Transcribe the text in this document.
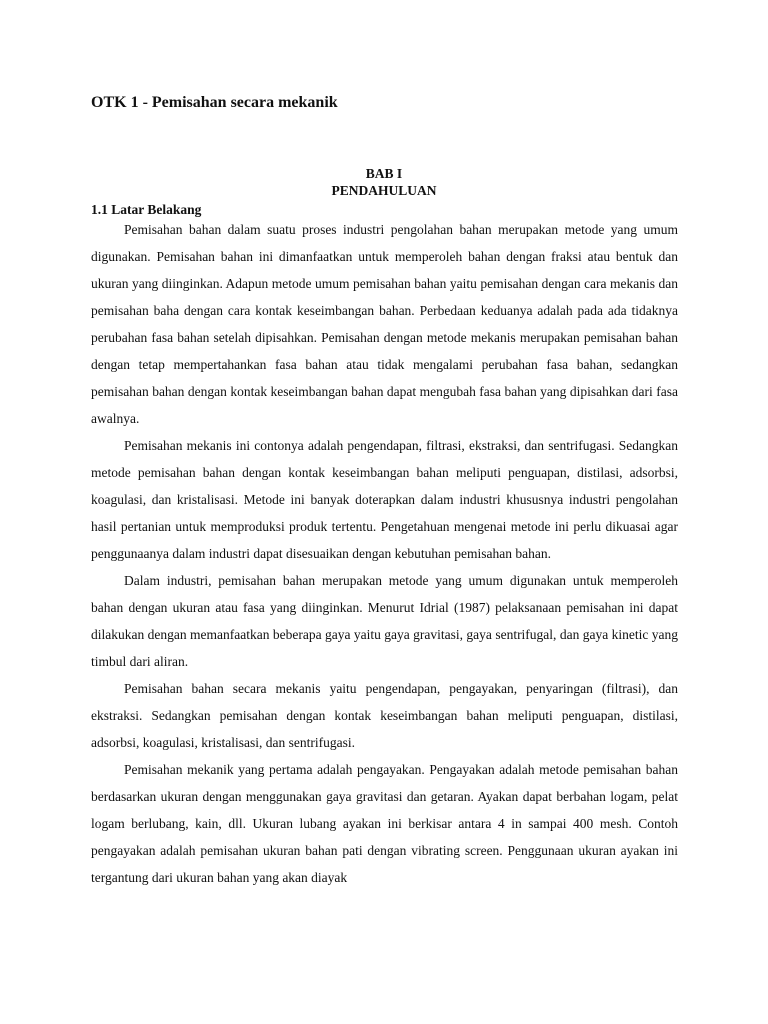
OTK 1 - Pemisahan secara mekanik

BAB I

PENDAHULUAN

1.1 Latar Belakang

Pemisahan bahan dalam suatu proses industri pengolahan bahan merupakan metode yang umum digunakan. Pemisahan bahan ini dimanfaatkan untuk memperoleh bahan dengan fraksi atau bentuk dan ukuran yang diinginkan. Adapun metode umum pemisahan bahan yaitu pemisahan dengan cara mekanis dan pemisahan baha dengan cara kontak keseimbangan bahan. Perbedaan keduanya adalah pada ada tidaknya perubahan fasa bahan setelah dipisahkan. Pemisahan dengan metode mekanis merupakan pemisahan bahan dengan tetap mempertahankan fasa bahan atau tidak mengalami perubahan fasa bahan, sedangkan pemisahan bahan dengan kontak keseimbangan bahan dapat mengubah fasa bahan yang dipisahkan dari fasa awalnya.

Pemisahan mekanis ini contonya adalah pengendapan, filtrasi, ekstraksi, dan sentrifugasi. Sedangkan metode pemisahan bahan dengan kontak keseimbangan bahan meliputi penguapan, distilasi, adsorbsi, koagulasi, dan kristalisasi. Metode ini banyak doterapkan dalam industri khususnya industri pengolahan hasil pertanian untuk memproduksi produk tertentu. Pengetahuan mengenai metode ini perlu dikuasai agar penggunaanya dalam industri dapat disesuaikan dengan kebutuhan pemisahan bahan.

Dalam industri, pemisahan bahan merupakan metode yang umum digunakan untuk memperoleh bahan dengan ukuran atau fasa yang diinginkan. Menurut Idrial (1987) pelaksanaan pemisahan ini dapat dilakukan dengan memanfaatkan beberapa gaya yaitu gaya gravitasi, gaya sentrifugal, dan gaya kinetic yang timbul dari aliran.

Pemisahan bahan secara mekanis yaitu pengendapan, pengayakan, penyaringan (filtrasi), dan ekstraksi. Sedangkan pemisahan dengan kontak keseimbangan bahan meliputi penguapan, distilasi, adsorbsi, koagulasi, kristalisasi, dan sentrifugasi.

Pemisahan mekanik yang pertama adalah pengayakan. Pengayakan adalah metode pemisahan bahan berdasarkan ukuran dengan menggunakan gaya gravitasi dan getaran. Ayakan dapat berbahan logam, pelat logam berlubang, kain, dll. Ukuran lubang ayakan ini berkisar antara 4 in sampai 400 mesh. Contoh pengayakan adalah pemisahan ukuran bahan pati dengan vibrating screen. Penggunaan ukuran ayakan ini tergantung dari ukuran bahan yang akan diayak
